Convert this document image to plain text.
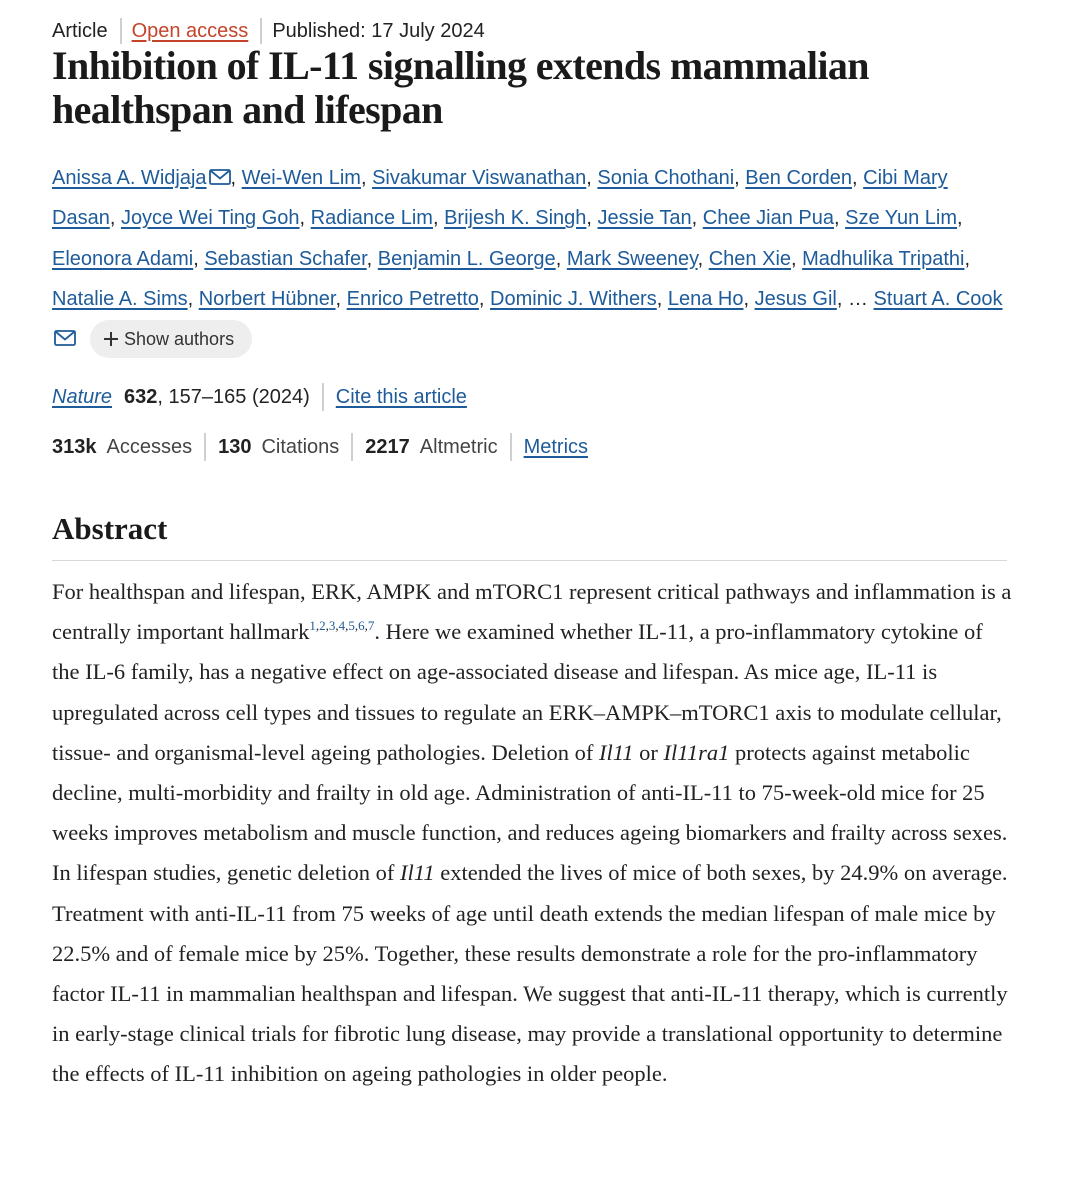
Article Open access Published: 17 July 2024
Inhibition of IL-11 signalling extends mammalian healthspan and lifespan
Anissa A. Widjaja , Wei-Wen Lim, Sivakumar Viswanathan, Sonia Chothani, Ben Corden, Cibi Mary Dasan, Joyce Wei Ting Goh, Radiance Lim, Brijesh K. Singh, Jessie Tan, Chee Jian Pua, Sze Yun Lim, Eleonora Adami, Sebastian Schafer, Benjamin L. George, Mark Sweeney, Chen Xie, Madhulika Tripathi, Natalie A. Sims, Norbert Hübner, Enrico Petretto, Dominic J. Withers, Lena Ho, Jesus Gil, … Stuart A. Cook
Show authors
Nature 632 , 157–165 (2024) Cite this article
313k Accesses 130 Citations 2217 Altmetric Metrics
Abstract

For healthspan and lifespan, ERK, AMPK and mTORC1 represent critical pathways and inflammation is a centrally important hallmark$^{1,2,3,4,5,6,7}$. Here we examined whether IL-11, a pro-inflammatory cytokine of the IL-6 family, has a negative effect on age-associated disease and lifespan. As mice age, IL-11 is upregulated across cell types and tissues to regulate an ERK–AMPK–mTORC1 axis to modulate cellular, tissue- and organismal-level ageing pathologies. Deletion of Il11 or Il11ra1 protects against metabolic decline, multi-morbidity and frailty in old age. Administration of anti-IL-11 to 75-week-old mice for 25 weeks improves metabolism and muscle function, and reduces ageing biomarkers and frailty across sexes. In lifespan studies, genetic deletion of Il11 extended the lives of mice of both sexes, by 24.9% on average. Treatment with anti-IL-11 from 75 weeks of age until death extends the median lifespan of male mice by 22.5% and of female mice by 25%. Together, these results demonstrate a role for the pro-inflammatory factor IL-11 in mammalian healthspan and lifespan. We suggest that anti-IL-11 therapy, which is currently in early-stage clinical trials for fibrotic lung disease, may provide a translational opportunity to determine the effects of IL-11 inhibition on ageing pathologies in older people.
